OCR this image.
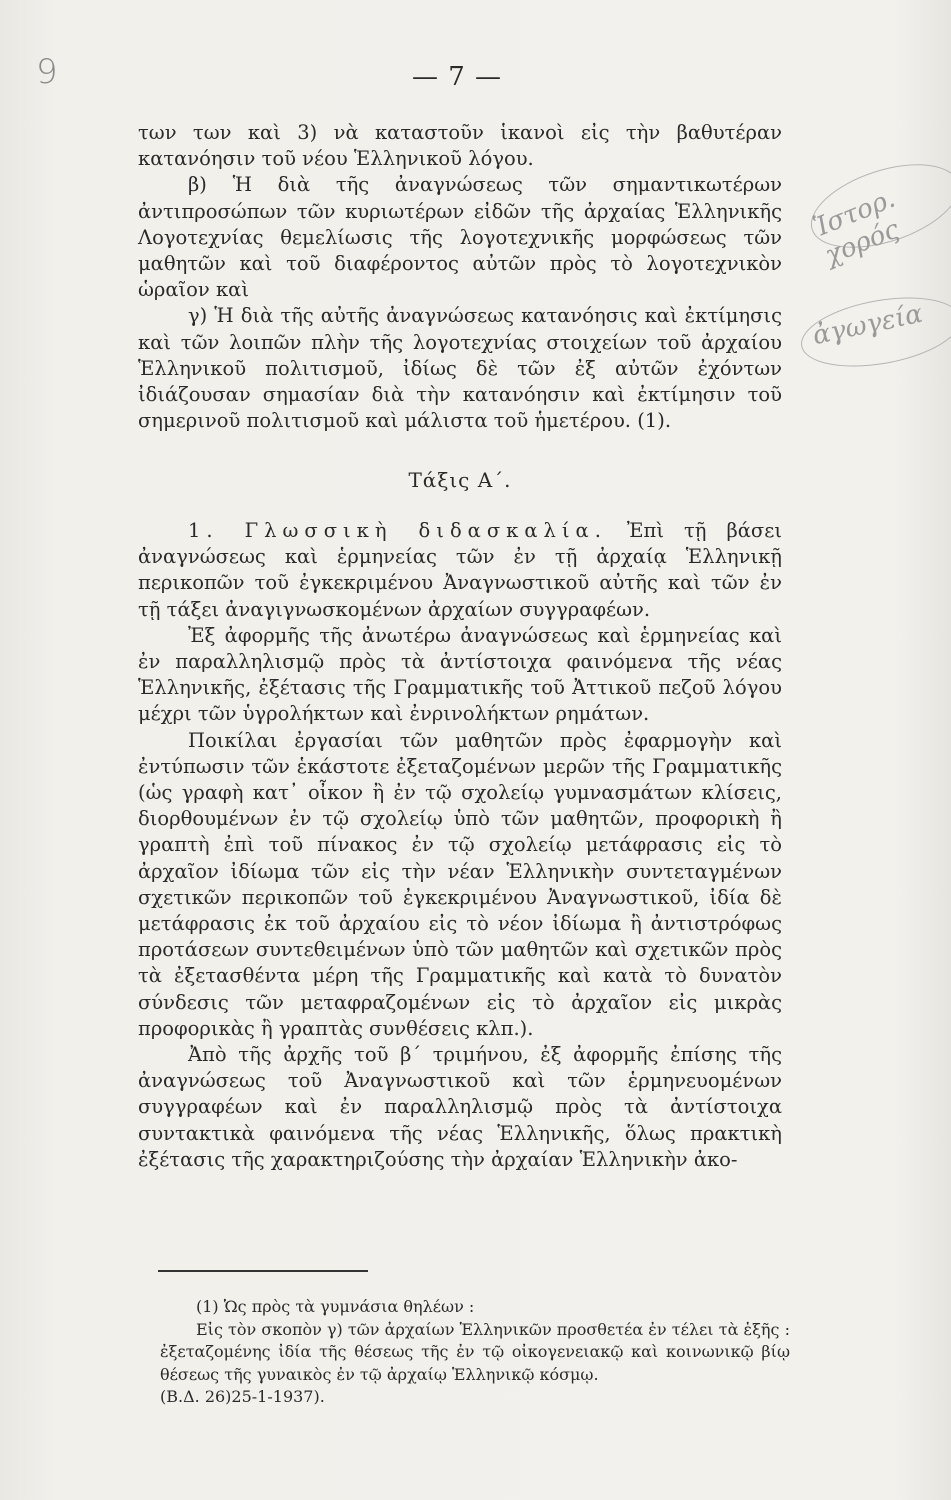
9	— 7 —

των των καὶ 3) νὰ καταστοῦν ἱκανοὶ εἰς τὴν βαθυτέραν κατανόησιν τοῦ νέου Ἑλληνικοῦ λόγου.

β) Ἡ διὰ τῆς ἀναγνώσεως τῶν σημαντικωτέρων ἀντιπροσώπων τῶν κυριωτέρων εἰδῶν τῆς ἀρχαίας Ἑλληνικῆς Λογοτεχνίας θεμελίωσις τῆς λογοτεχνικῆς μορφώσεως τῶν μαθητῶν καὶ τοῦ διαφέροντος αὐτῶν πρὸς τὸ λογοτεχνικὸν ὡραῖον καὶ

γ) Ἡ διὰ τῆς αὐτῆς ἀναγνώσεως κατανόησις καὶ ἐκτίμησις καὶ τῶν λοιπῶν πλὴν τῆς λογοτεχνίας στοιχείων τοῦ ἀρχαίου Ἑλληνικοῦ πολιτισμοῦ, ἰδίως δὲ τῶν ἐξ αὐτῶν ἐχόντων ἰδιάζουσαν σημασίαν διὰ τὴν κατανόησιν καὶ ἐκτίμησιν τοῦ σημερινοῦ πολιτισμοῦ καὶ μάλιστα τοῦ ἡμετέρου. (1).

Τάξις Α΄.

1. Γλωσσικὴ διδασκαλία. Ἐπὶ τῇ βάσει ἀναγνώσεως καὶ ἑρμηνείας τῶν ἐν τῇ ἀρχαίᾳ Ἑλληνικῇ περικοπῶν τοῦ ἐγκεκριμένου Ἀναγνωστικοῦ αὐτῆς καὶ τῶν ἐν τῇ τάξει ἀναγιγνωσκομένων ἀρχαίων συγγραφέων.

Ἐξ ἀφορμῆς τῆς ἀνωτέρω ἀναγνώσεως καὶ ἑρμηνείας καὶ ἐν παραλληλισμῷ πρὸς τὰ ἀντίστοιχα φαινόμενα τῆς νέας Ἑλληνικῆς, ἐξέτασις τῆς Γραμματικῆς τοῦ Ἀττικοῦ πεζοῦ λόγου μέχρι τῶν ὑγρολήκτων καὶ ἐνρινολήκτων ρημάτων.

Ποικίλαι ἐργασίαι τῶν μαθητῶν πρὸς ἐφαρμογὴν καὶ ἐντύπωσιν τῶν ἑκάστοτε ἐξεταζομένων μερῶν τῆς Γραμματικῆς (ὡς γραφὴ κατ᾿ οἶκον ἢ ἐν τῷ σχολείῳ γυμνασμάτων κλίσεις, διορθουμένων ἐν τῷ σχολείῳ ὑπὸ τῶν μαθητῶν, προφορικὴ ἢ γραπτὴ ἐπὶ τοῦ πίνακος ἐν τῷ σχολείῳ μετάφρασις εἰς τὸ ἀρχαῖον ἰδίωμα τῶν εἰς τὴν νέαν Ἑλληνικὴν συντεταγμένων σχετικῶν περικοπῶν τοῦ ἐγκεκριμένου Ἀναγνωστικοῦ, ἰδία δὲ μετάφρασις ἐκ τοῦ ἀρχαίου εἰς τὸ νέον ἰδίωμα ἢ ἀντιστρόφως προτάσεων συντεθειμένων ὑπὸ τῶν μαθητῶν καὶ σχετικῶν πρὸς τὰ ἐξετασθέντα μέρη τῆς Γραμματικῆς καὶ κατὰ τὸ δυνατὸν σύνδεσις τῶν μεταφραζομένων εἰς τὸ ἀρχαῖον εἰς μικρὰς προφορικὰς ἢ γραπτὰς συνθέσεις κλπ.).

Ἀπὸ τῆς ἀρχῆς τοῦ β΄ τριμήνου, ἐξ ἀφορμῆς ἐπίσης τῆς ἀναγνώσεως τοῦ Ἀναγνωστικοῦ καὶ τῶν ἑρμηνευομένων συγγραφέων καὶ ἐν παραλληλισμῷ πρὸς τὰ ἀντίστοιχα συντακτικὰ φαινόμενα τῆς νέας Ἑλληνικῆς, ὅλως πρακτικὴ ἐξέτασις τῆς χαρακτηριζούσης τὴν ἀρχαίαν Ἑλληνικὴν ἀκο-

(1) Ὡς πρὸς τὰ γυμνάσια θηλέων :

Εἰς τὸν σκοπὸν γ) τῶν ἀρχαίων Ἑλληνικῶν προσθετέα ἐν τέλει τὰ ἑξῆς : ἐξεταζομένης ἰδία τῆς θέσεως τῆς ἐν τῷ οἰκογενειακῷ καὶ κοινωνικῷ βίῳ θέσεως τῆς γυναικὸς ἐν τῷ ἀρχαίῳ Ἑλληνικῷ κόσμῳ.

(Β.Δ. 26)25-1-1937).

Ἱστορ. χορός
ἀγωγεία
